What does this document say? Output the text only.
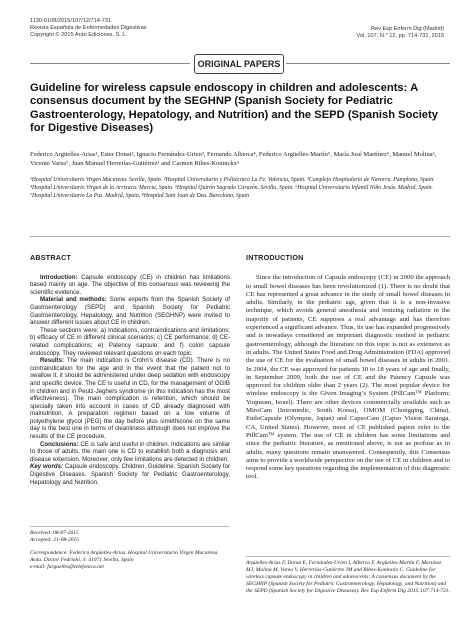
1130-0108/2015/107/12/714-731
Revista Española de Enfermedades Digestivas
Copyright © 2015 Arán Ediciones, S. L.
Rev Esp Enferm Dig (Madrid)
Vol. 107, N.° 12, pp. 714-731, 2015
ORIGINAL PAPERS
Guideline for wireless capsule endoscopy in children and adolescents: A consensus document by the SEGHNP (Spanish Society for Pediatric Gastroenterology, Hepatology, and Nutrition) and the SEPD (Spanish Society for Digestive Diseases)
Federico Argüelles-Arias¹, Ester Donat², Ignacio Fernández-Urien³, Fernando Alberca⁴, Federico Argüelles-Martín⁵, María José Martínez⁶, Manuel Molina⁶, Vicente Varea⁷, Juan Manuel Herrerías-Gutiérrez¹ and Carmen Ribes-Koninckx²
¹Hospital Universitario Virgen Macarena. Sevilla, Spain. ²Hospital Universitario y Politécnico La Fe. Valencia, Spain. ³Complejo Hospitalario de Navarra. Pamplona, Spain. ⁴Hospital Universitario Virgen de la Arrixaca. Murcia, Spain. ⁵Hospital Quirón Sagrado Corazón. Sevilla, Spain. ⁶Hospital Universitario Infantil Niño Jesús. Madrid, Spain. ⁷Hospital Universitario La Paz. Madrid, Spain. ⁸Hospital Sant Joan de Deu. Barcelona, Spain
ABSTRACT

Introduction: Capsule endoscopy (CE) in children has limitations based mainly on age. The objective of this consensus was reviewing the scientific evidence.

Material and methods: Some experts from the Spanish Society of Gastroenterology (SEPD) and Spanish Society for Pediatric Gastroenterology, Hepatology, and Nutrition (SEGHNP) were invited to answer different issues about CE in children.

These sections were: a) Indications, contraindications and limitations; b) efficacy of CE in different clinical scenarios; c) CE performance; d) CE-related complications; e) Patency capsule; and f) colon capsule endoscopy. They reviewed relevant questions on each topic.

Results: The main indication is Crohn’s disease (CD). There is no contraindication for the age and in the event that the patient not to swallow it, it should be administered under deep sedation with endoscopy and specific device. The CE is useful in CD, for the management of OGIB in children and in Peutz-Jeghers syndrome (in this indication has the most effectiveness). The main complication is retention, which should be specially taken into account in cases of CD already diagnosed with malnutrition. A preparation regimen based on a low volume of polyethylene glycol (PEG) the day before plus simethicone on the same day is the best one in terms of cleanliness although does not improve the results of the CE procedure.

Conclusions: CE is safe and useful in children. Indications are similar to those of adults, the main one is CD to establish both a diagnosis and disease extension. Moreover, only few limitations are detected in children.

Key words: Capsule endoscopy. Children. Guideline. Spanish Society for Digestive Diseases. Spanish Society for Pediatric Gastroenterology, Hepatology and Nutrition.

INTRODUCTION

Since the introduction of Capsule endoscopy (CE) in 2000 the approach to small bowel diseases has been revolutionized (1). There is no doubt that CE has represented a great advance in the study of small bowel diseases in adults. Similarly, in the pediatric age, given that it is a non-invasive technique, which avoids general anesthesia and ionizing radiation in the majority of patients, CE supposes a real advantage and has therefore experienced a significant advance. Thus, its use has expanded progressively and is nowadays considered an important diagnostic method in pediatric gastroenterology, although the literature on this topic is not as extensive as in adults. The United States Food and Drug Administration (FDA) approved the use of CE for the evaluation of small bowel diseases in adults in 2001. In 2004, the CE was approved for patients 10 to 18 years of age and finally, in September 2009, both the use of CE and the Patency Capsule was approved for children older than 2 years (2). The most popular device for wireless endoscopy is the Given Imaging’s System (PillCam™ Platform; Yoqneam, Israel). There are other devices commercially available such as MiroCam (Intromedic, South Korea), OMOM (Chongqing, China), EndoCapsule (Olympus, Japan) and CapsoCam (Capso Vision Saratoga, CA, United States). However, most of CE published papers refer to the PillCam™ system. The use of CE in children has some limitations and since the pediatric literature, as mentioned above, is not as profuse as in adults, many questions remain unanswered. Consequently, this Consensus aims to provide a worldwide perspective on the use of CE in children and to respond some key questions regarding the implementation of this diagnostic tool.

Received: 08-07-2015
Accepted: 21-08-2015
Correspondence: Federico Argüelles-Arias. Hospital Universitario Virgen Macarena. Avda. Doctor Fedriani, 3. 41071 Sevilla, Spain
e-mail: farguelles@telefonica.net
Argüelles-Arias F, Donat E, Fernández-Urien I, Alberca F, Argüelles-Martín F, Martínez MJ, Molina M, Varea V, Herrerías-Gutiérrez JM and Ribes-Koninckx C. Guideline for wireless capsule endoscopy in children and adolescents: A consensus document by the SEGHNP (Spanish Society for Pediatric Gastroenterology, Hepatology, and Nutrition) and the SEPD (Spanish Society for Digestive Diseases). Rev Esp Enferm Dig 2015;107:714-731.
